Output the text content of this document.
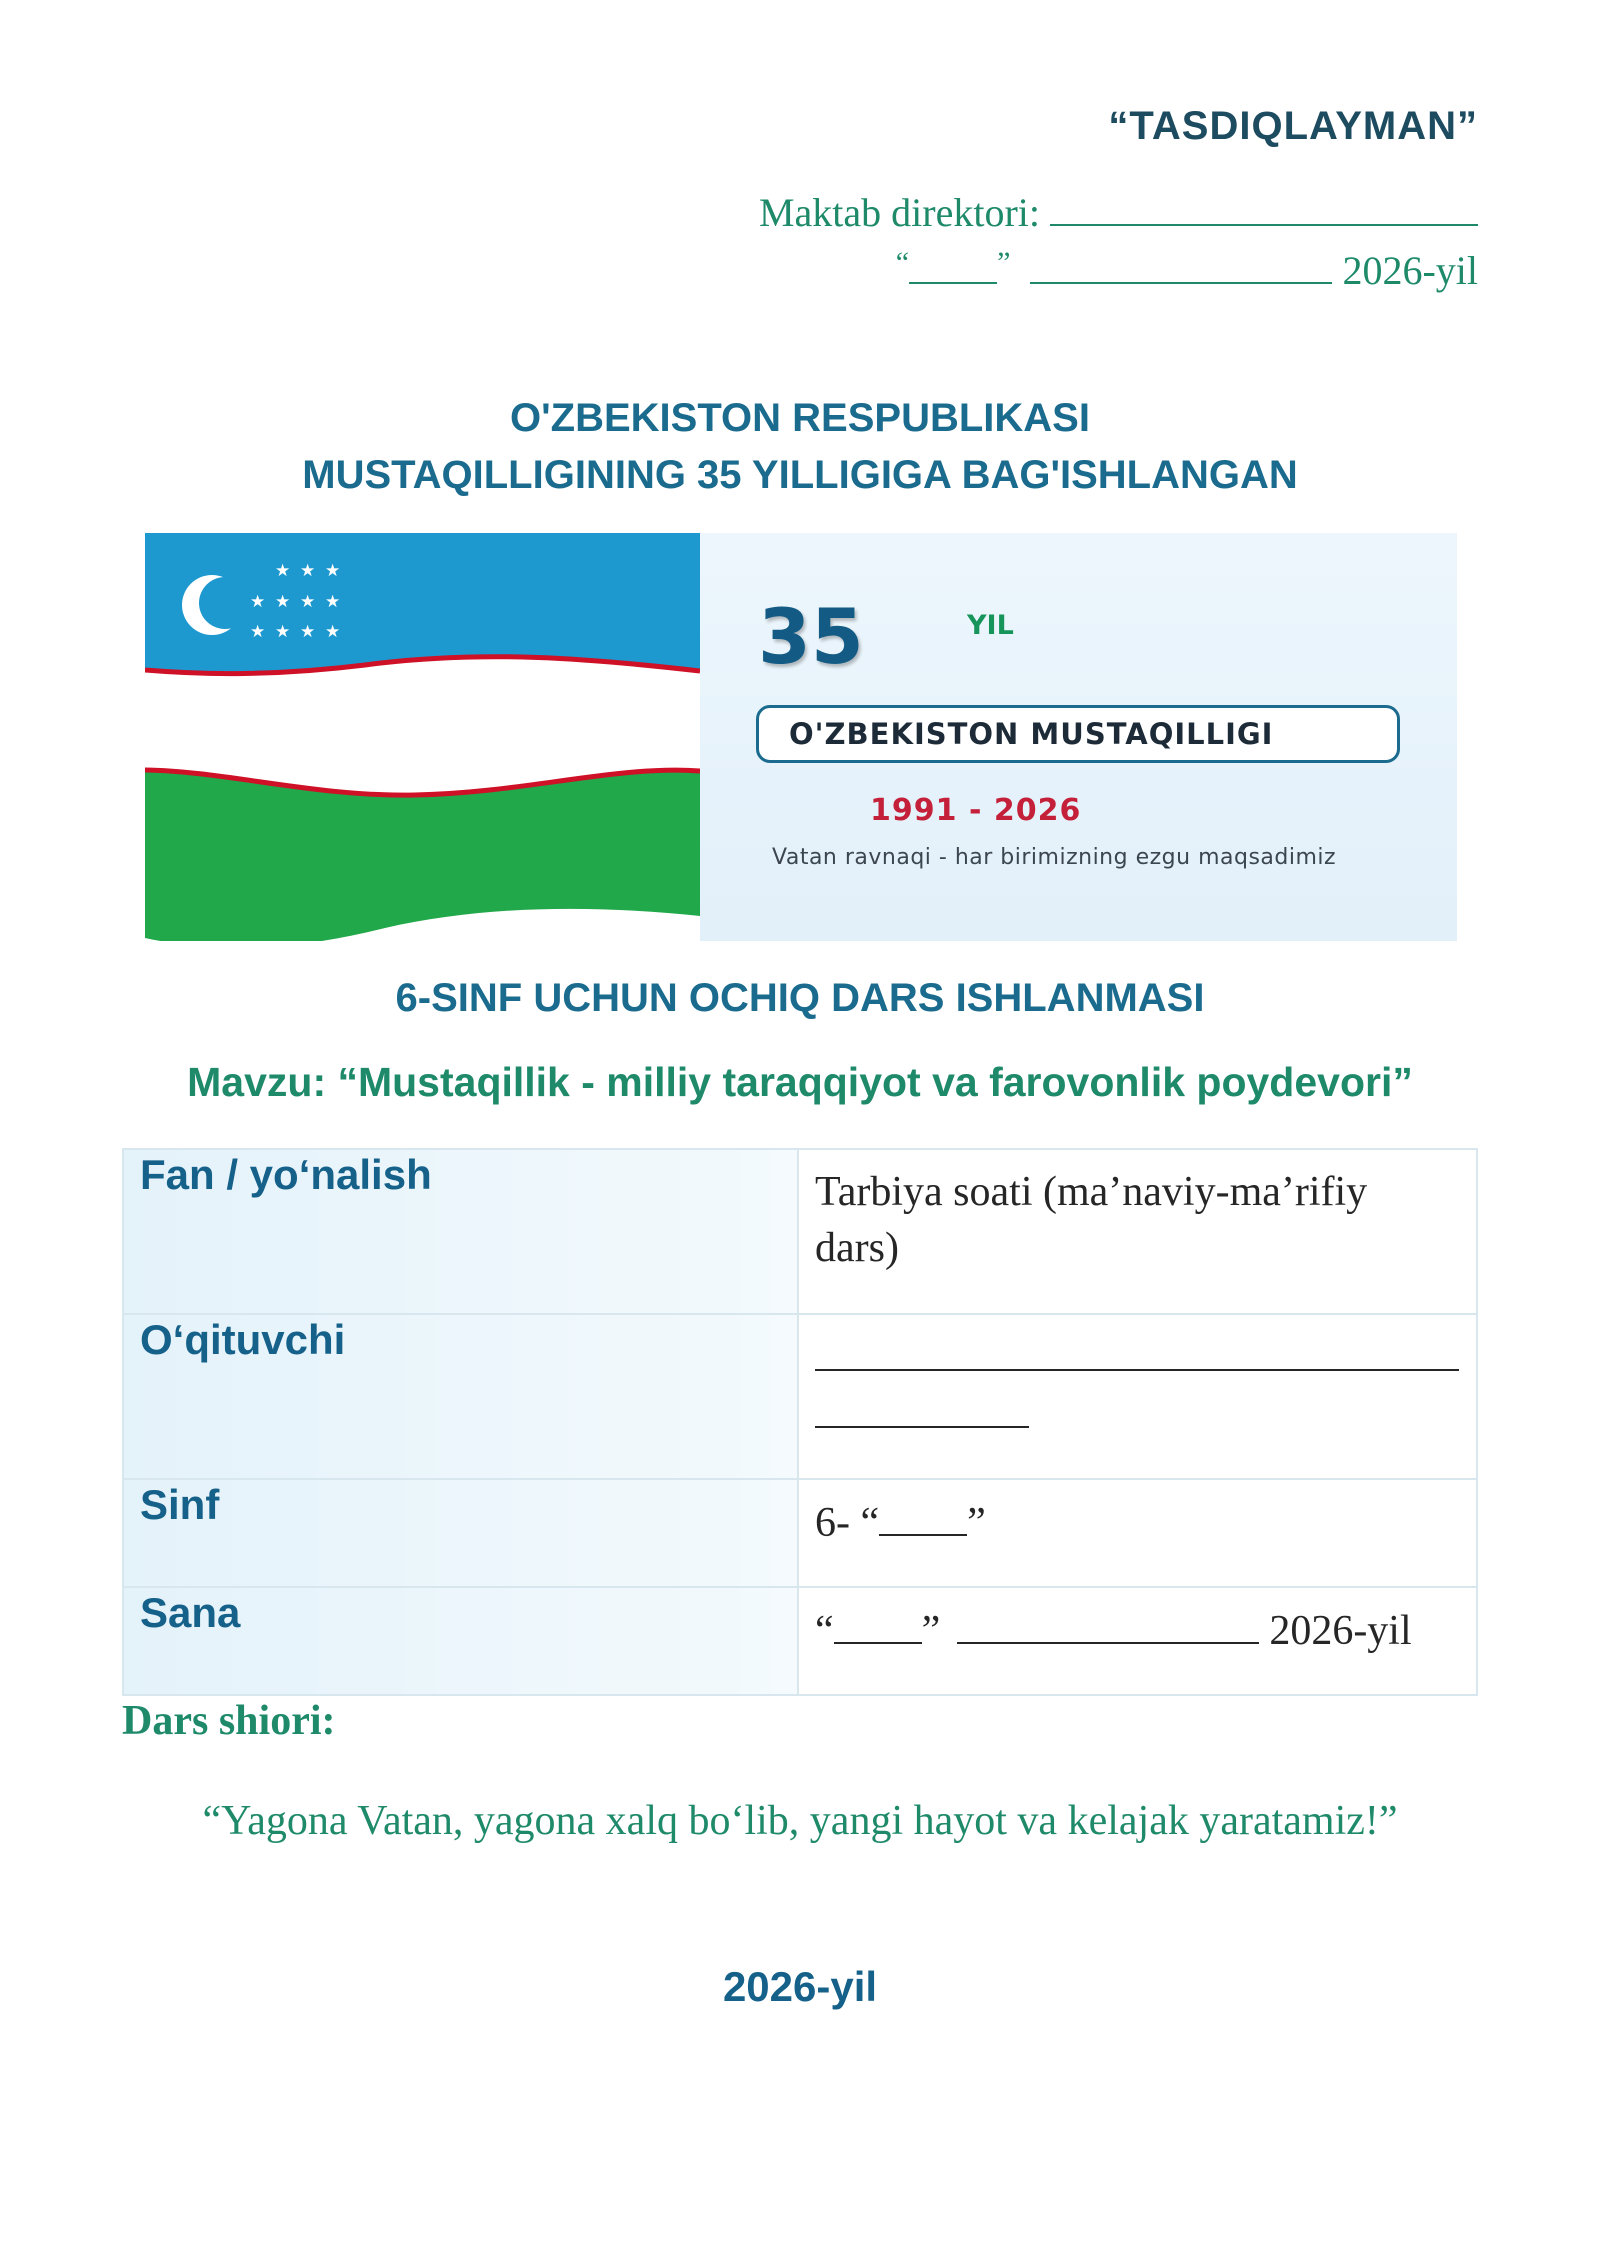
“TASDIQLAYMAN”
Maktab direktori:
“	”	2026-yil
O'ZBEKISTON RESPUBLIKASI
MUSTAQILLIGINING 35 YILLIGIGA BAG'ISHLANGAN
★ ★ ★
★ ★ ★ ★
★ ★ ★ ★	35	YIL
O'ZBEKISTON MUSTAQILLIGI
1991 - 2026
Vatan ravnaqi - har birimizning ezgu maqsadimiz
6-SINF UCHUN OCHIQ DARS ISHLANMASI
Mavzu: “Mustaqillik - milliy taraqqiyot va farovonlik poydevori”
Fan / yo‘nalish	Tarbiya soati (ma’naviy-ma’rifiy dars)
O‘qituvchi	

Sinf	6- “ ”
Sana	“ ” 2026-yil
Dars shiori:
“Yagona Vatan, yagona xalq bo‘lib, yangi hayot va kelajak yaratamiz!”
2026-yil
